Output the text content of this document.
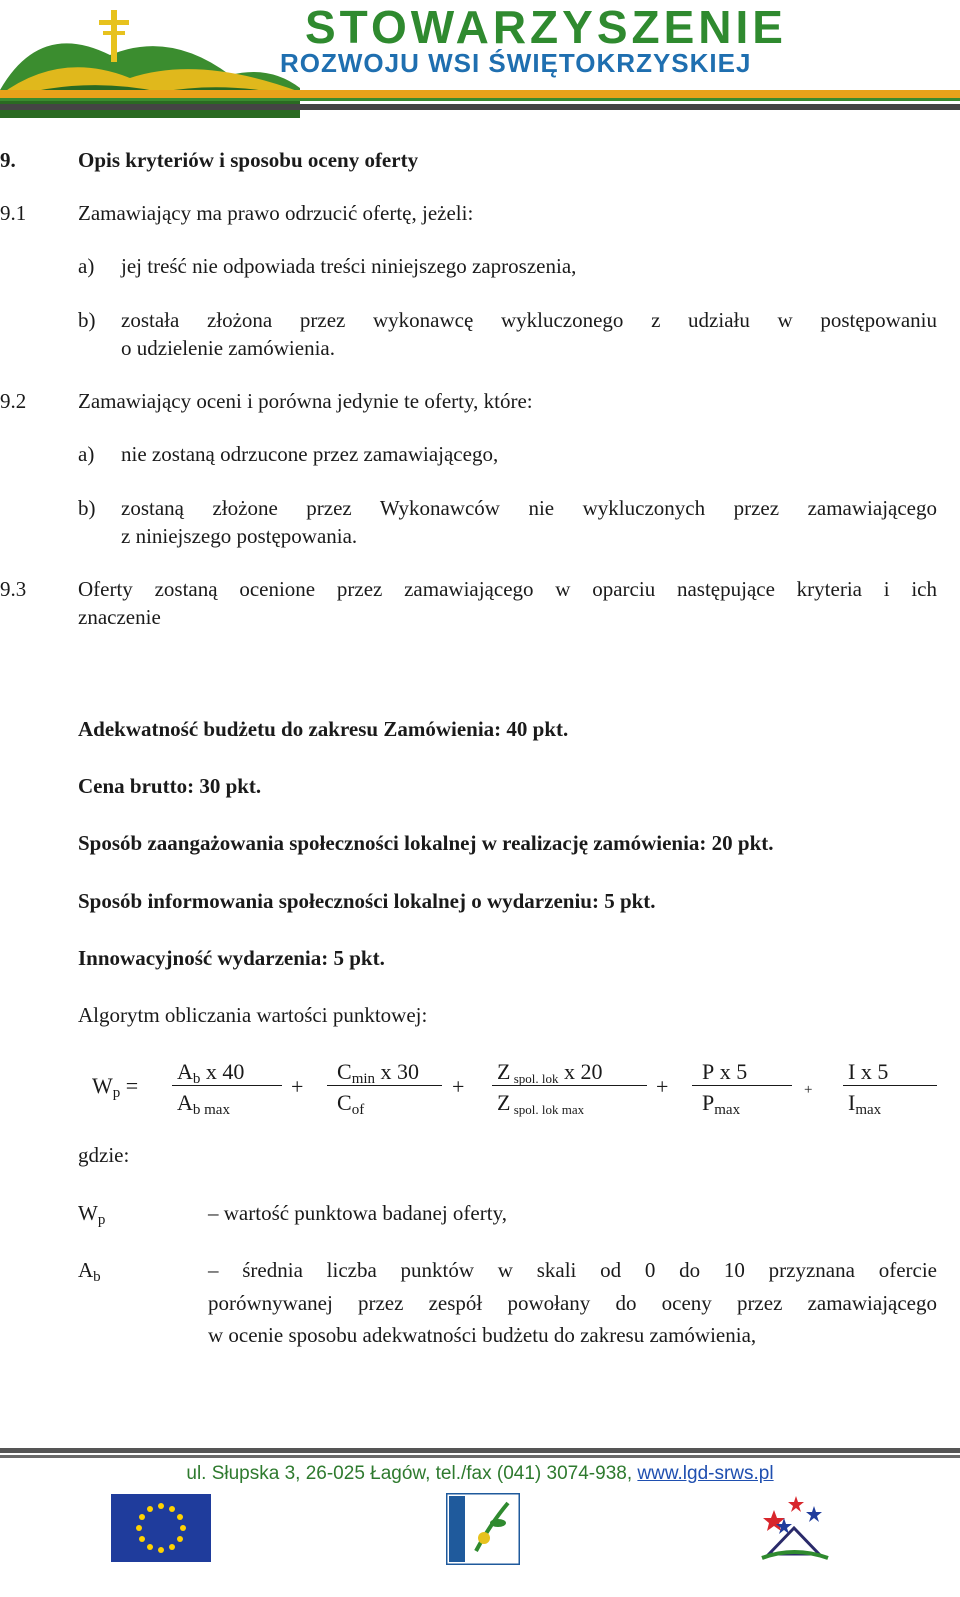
STOWARZYSZENIE
ROZWOJU WSI ŚWIĘTOKRZYSKIEJ
9.	Opis kryteriów i sposobu oceny oferty
9.1 Zamawiający ma prawo odrzucić ofertę, jeżeli:
a) jej treść nie odpowiada treści niniejszego zaproszenia,
b) została złożona przez wykonawcę wykluczonego z udziału w postępowaniu
o udzielenie zamówienia.
9.2 Zamawiający oceni i porówna jedynie te oferty, które:
a) nie zostaną odrzucone przez zamawiającego,
b) zostaną złożone przez Wykonawców nie wykluczonych przez zamawiającego
z niniejszego postępowania.
9.3 Oferty zostaną ocenione przez zamawiającego w oparciu następujące kryteria i ich
znaczenie
Adekwatność budżetu do zakresu Zamówienia: 40 pkt.
Cena brutto: 30 pkt.
Sposób zaangażowania społeczności lokalnej w realizację zamówienia: 20 pkt.
Sposób informowania społeczności lokalnej o wydarzeniu: 5 pkt.
Innowacyjność wydarzenia: 5 pkt.
Algorytm obliczania wartości punktowej:
$W_p$ =
$A_b$ x 40
$A_{b max}$
+
$C_{min}$ x 30
$C_{of}$
+
Z spol. lok x 20
Z spol. lok max
+
P x 5
$P_{max}$
+
I x 5
$I_{max}$
gdzie:
$W_p$	– wartość punktowa badanej oferty,
$A_b$	– średnia liczba punktów w skali od 0 do 10 przyznana ofercie
porównywanej przez zespół powołany do oceny przez zamawiającego
w ocenie sposobu adekwatności budżetu do zakresu zamówienia,
ul. Słupska 3, 26-025 Łagów, tel./fax (041) 3074-938, www.lgd-srws.pl
